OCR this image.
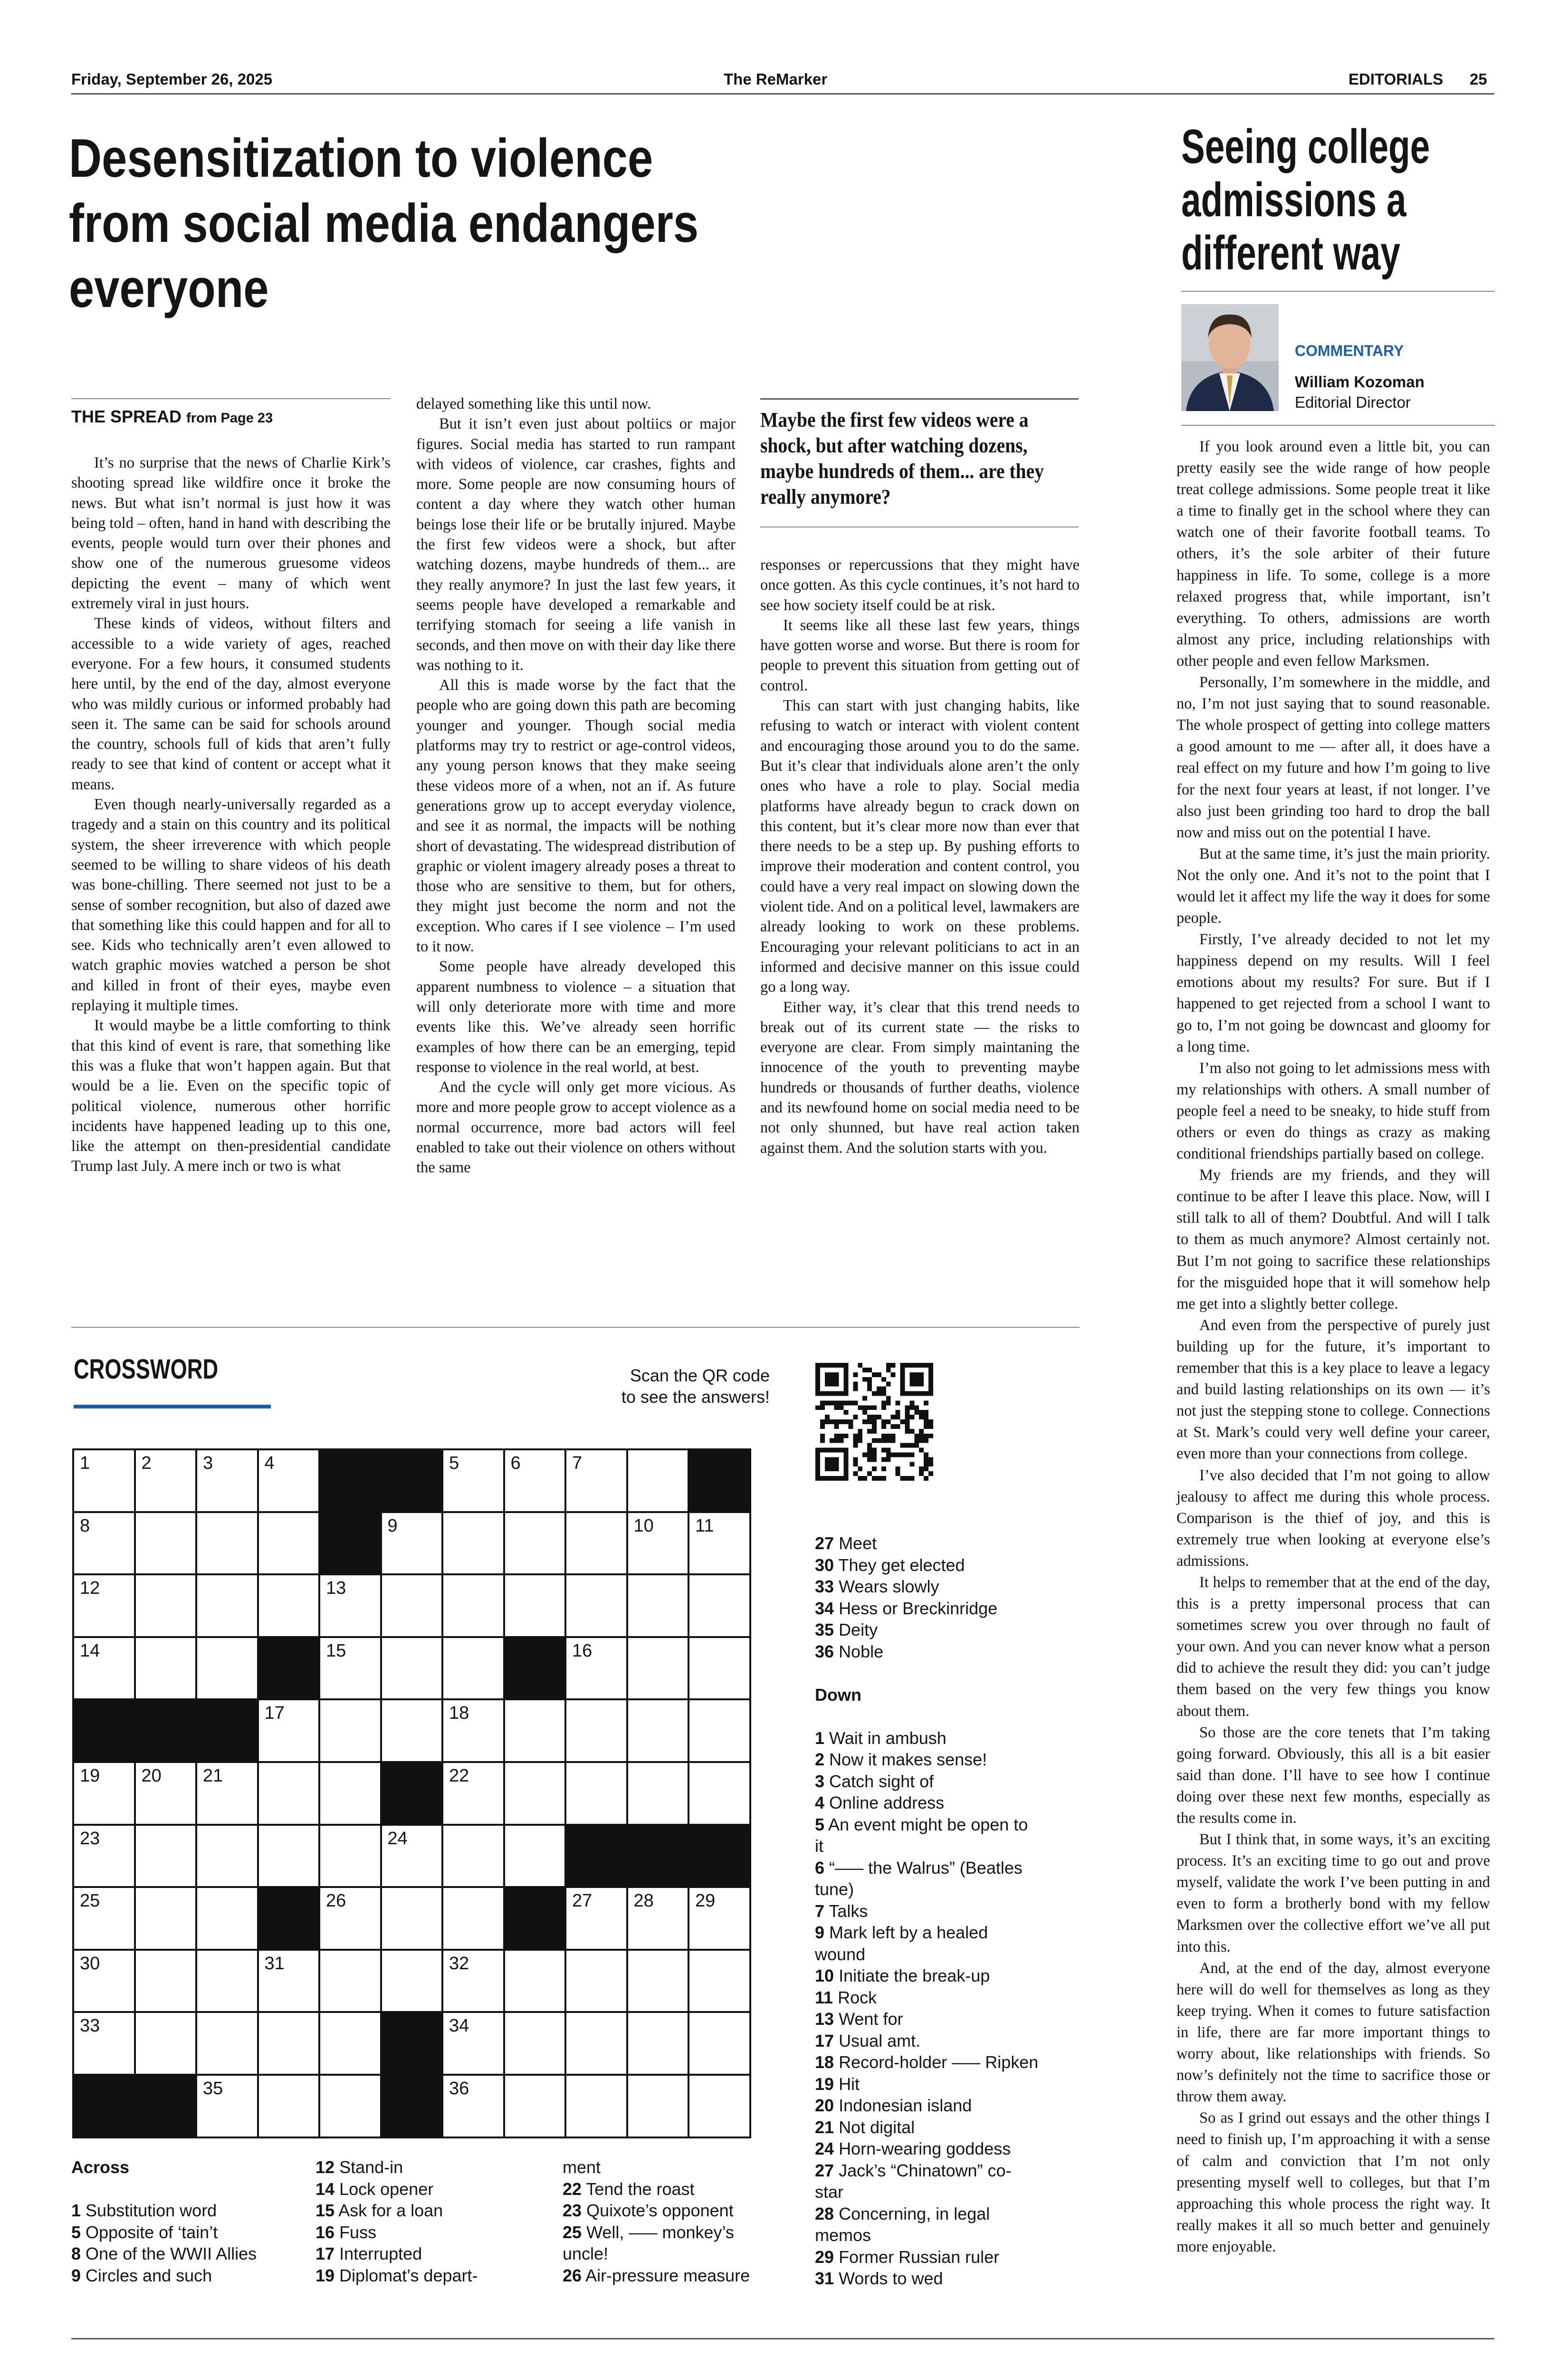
Friday, September 26, 2025	The ReMarker	EDITORIALS 25
Desensitization to violence
from social media endangers
everyone
THE SPREAD from Page 23

It’s no surprise that the news of Charlie Kirk’s shooting spread like wildfire once it broke the news. But what isn’t normal is just how it was being told – often, hand in hand with describing the events, people would turn over their phones and show one of the numerous gruesome videos depicting the event – many of which went extremely viral in just hours.

These kinds of videos, without filters and accessible to a wide variety of ages, reached everyone. For a few hours, it consumed students here until, by the end of the day, almost everyone who was mildly curious or informed probably had seen it. The same can be said for schools around the country, schools full of kids that aren’t fully ready to see that kind of content or accept what it means.

Even though nearly-universally regarded as a tragedy and a stain on this country and its political system, the sheer irreverence with which people seemed to be willing to share videos of his death was bone-chilling. There seemed not just to be a sense of somber recognition, but also of dazed awe that something like this could happen and for all to see. Kids who technically aren’t even allowed to watch graphic movies watched a person be shot and killed in front of their eyes, maybe even replaying it multiple times.

It would maybe be a little comforting to think that this kind of event is rare, that something like this was a fluke that won’t happen again. But that would be a lie. Even on the specific topic of political violence, numerous other horrific incidents have happened leading up to this one, like the attempt on then-presidential candidate Trump last July. A mere inch or two is what

delayed something like this until now.

But it isn’t even just about poltiics or major figures. Social media has started to run rampant with videos of violence, car crashes, fights and more. Some people are now consuming hours of content a day where they watch other human beings lose their life or be brutally injured. Maybe the first few videos were a shock, but after watching dozens, maybe hundreds of them... are they really anymore? In just the last few years, it seems people have developed a remarkable and terrifying stomach for seeing a life vanish in seconds, and then move on with their day like there was nothing to it.

All this is made worse by the fact that the people who are going down this path are becoming younger and younger. Though social media platforms may try to restrict or age-control videos, any young person knows that they make seeing these videos more of a when, not an if. As future generations grow up to accept everyday violence, and see it as normal, the impacts will be nothing short of devastating. The widespread distribution of graphic or violent imagery already poses a threat to those who are sensitive to them, but for others, they might just become the norm and not the exception. Who cares if I see violence – I’m used to it now.

Some people have already developed this apparent numbness to violence – a situation that will only deteriorate more with time and more events like this. We’ve already seen horrific examples of how there can be an emerging, tepid response to violence in the real world, at best.

And the cycle will only get more vicious. As more and more people grow to accept violence as a normal occurrence, more bad actors will feel enabled to take out their violence on others without the same

Maybe the first few videos were a shock, but after watching dozens, maybe hundreds of them... are they really anymore?

responses or repercussions that they might have once gotten. As this cycle continues, it’s not hard to see how society itself could be at risk.

It seems like all these last few years, things have gotten worse and worse. But there is room for people to prevent this situation from getting out of control.

This can start with just changing habits, like refusing to watch or interact with violent content and encouraging those around you to do the same. But it’s clear that individuals alone aren’t the only ones who have a role to play. Social media platforms have already begun to crack down on this content, but it’s clear more now than ever that there needs to be a step up. By pushing efforts to improve their moderation and content control, you could have a very real impact on slowing down the violent tide. And on a political level, lawmakers are already looking to work on these problems. Encouraging your relevant politicians to act in an informed and decisive manner on this issue could go a long way.

Either way, it’s clear that this trend needs to break out of its current state — the risks to everyone are clear. From simply maintaning the innocence of the youth to preventing maybe hundreds or thousands of further deaths, violence and its newfound home on social media need to be not only shunned, but have real action taken against them. And the solution starts with you.

Seeing college
admissions a
different way
COMMENTARY
William Kozoman
Editorial Director

If you look around even a little bit, you can pretty easily see the wide range of how people treat college admissions. Some people treat it like a time to finally get in the school where they can watch one of their favorite football teams. To others, it’s the sole arbiter of their future happiness in life. To some, college is a more relaxed progress that, while important, isn’t everything. To others, admissions are worth almost any price, including relationships with other people and even fellow Marksmen.

Personally, I’m somewhere in the middle, and no, I’m not just saying that to sound reasonable. The whole prospect of getting into college matters a good amount to me — after all, it does have a real effect on my future and how I’m going to live for the next four years at least, if not longer. I’ve also just been grinding too hard to drop the ball now and miss out on the potential I have.

But at the same time, it’s just the main priority. Not the only one. And it’s not to the point that I would let it affect my life the way it does for some people.

Firstly, I’ve already decided to not let my happiness depend on my results. Will I feel emotions about my results? For sure. But if I happened to get rejected from a school I want to go to, I’m not going be downcast and gloomy for a long time.

I’m also not going to let admissions mess with my relationships with others. A small number of people feel a need to be sneaky, to hide stuff from others or even do things as crazy as making conditional friendships partially based on college.

My friends are my friends, and they will continue to be after I leave this place. Now, will I still talk to all of them? Doubtful. And will I talk to them as much anymore? Almost certainly not. But I’m not going to sacrifice these relationships for the misguided hope that it will somehow help me get into a slightly better college.

And even from the perspective of purely just building up for the future, it’s important to remember that this is a key place to leave a legacy and build lasting relationships on its own — it’s not just the stepping stone to college. Connections at St. Mark’s could very well define your career, even more than your connections from college.

I’ve also decided that I’m not going to allow jealousy to affect me during this whole process. Comparison is the thief of joy, and this is extremely true when looking at everyone else’s admissions.

It helps to remember that at the end of the day, this is a pretty impersonal process that can sometimes screw you over through no fault of your own. And you can never know what a person did to achieve the result they did: you can’t judge them based on the very few things you know about them.

So those are the core tenets that I’m taking going forward. Obviously, this all is a bit easier said than done. I’ll have to see how I continue doing over these next few months, especially as the results come in.

But I think that, in some ways, it’s an exciting process. It’s an exciting time to go out and prove myself, validate the work I’ve been putting in and even to form a brotherly bond with my fellow Marksmen over the collective effort we’ve all put into this.

And, at the end of the day, almost everyone here will do well for themselves as long as they keep trying. When it comes to future satisfaction in life, there are far more important things to worry about, like relationships with friends. So now’s definitely not the time to sacrifice those or throw them away.

So as I grind out essays and the other things I need to finish up, I’m approaching it with a sense of calm and conviction that I’m not only presenting myself well to colleges, but that I’m approaching this whole process the right way. It really makes it all so much better and genuinely more enjoyable.

CROSSWORD	Scan the QR code
to see the answers!
1	2	3	4			5	6	7		

8					9				10	11

12				13						

14				15				16		

			17			18				

19	20	21				22				

23					24					

25				26				27	28	29

30			31			32				

33						34				

		35				36				

Across
1 Substitution word
5 Opposite of ‘tain’t
8 One of the WWII Allies
9 Circles and such
12 Stand-in
14 Lock opener
15 Ask for a loan
16 Fuss
17 Interrupted
19 Diplomat’s depart-
ment
22 Tend the roast
23 Quixote’s opponent
25 Well, ––– monkey’s
uncle!
26 Air-pressure measure
27 Meet
30 They get elected
33 Wears slowly
34 Hess or Breckinridge
35 Deity
36 Noble
Down
1 Wait in ambush
2 Now it makes sense!
3 Catch sight of
4 Online address
5 An event might be open to
it
6 “––– the Walrus” (Beatles
tune)
7 Talks
9 Mark left by a healed
wound
10 Initiate the break-up
11 Rock
13 Went for
17 Usual amt.
18 Record-holder ––– Ripken
19 Hit
20 Indonesian island
21 Not digital
24 Horn-wearing goddess
27 Jack’s “Chinatown” co-
star
28 Concerning, in legal
memos
29 Former Russian ruler
31 Words to wed
